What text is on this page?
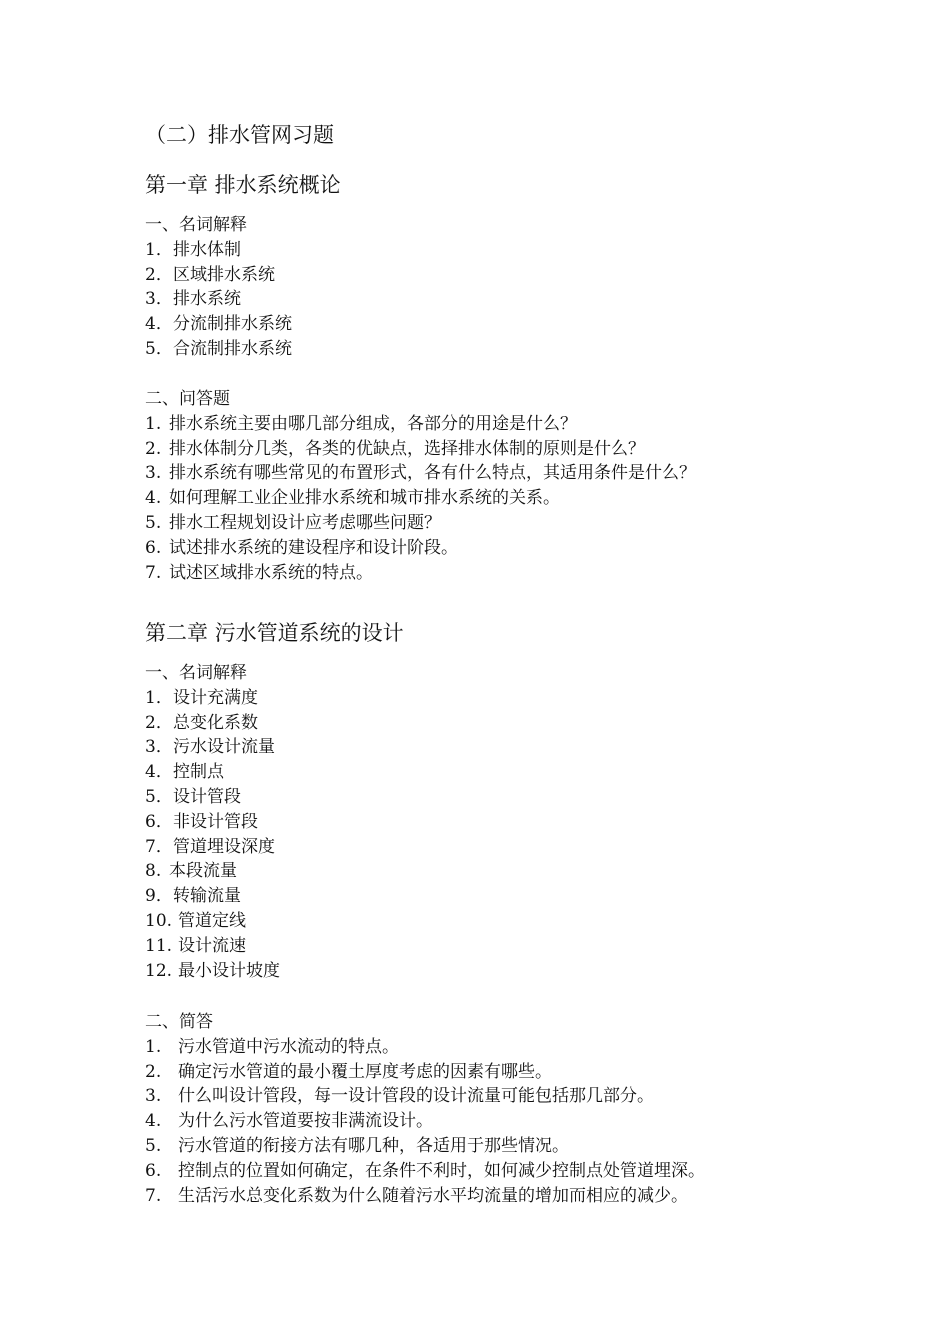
（二）排水管网习题
第一章 排水系统概论
一、名词解释
1．排水体制
2．区域排水系统
3．排水系统
4．分流制排水系统
5．合流制排水系统
二、问答题
1. 排水系统主要由哪几部分组成，各部分的用途是什么？
2. 排水体制分几类，各类的优缺点，选择排水体制的原则是什么？
3. 排水系统有哪些常见的布置形式，各有什么特点，其适用条件是什么？
4. 如何理解工业企业排水系统和城市排水系统的关系。
5. 排水工程规划设计应考虑哪些问题？
6. 试述排水系统的建设程序和设计阶段。
7. 试述区域排水系统的特点。
第二章 污水管道系统的设计
一、名词解释
1．设计充满度
2．总变化系数
3．污水设计流量
4．控制点
5．设计管段
6．非设计管段
7．管道埋设深度
8. 本段流量
9．转输流量
10. 管道定线
11. 设计流速
12. 最小设计坡度
二、简答
1. 污水管道中污水流动的特点。
2. 确定污水管道的最小覆土厚度考虑的因素有哪些。
3. 什么叫设计管段，每一设计管段的设计流量可能包括那几部分。
4. 为什么污水管道要按非满流设计。
5. 污水管道的衔接方法有哪几种，各适用于那些情况。
6. 控制点的位置如何确定，在条件不利时，如何减少控制点处管道埋深。
7. 生活污水总变化系数为什么随着污水平均流量的增加而相应的减少。
